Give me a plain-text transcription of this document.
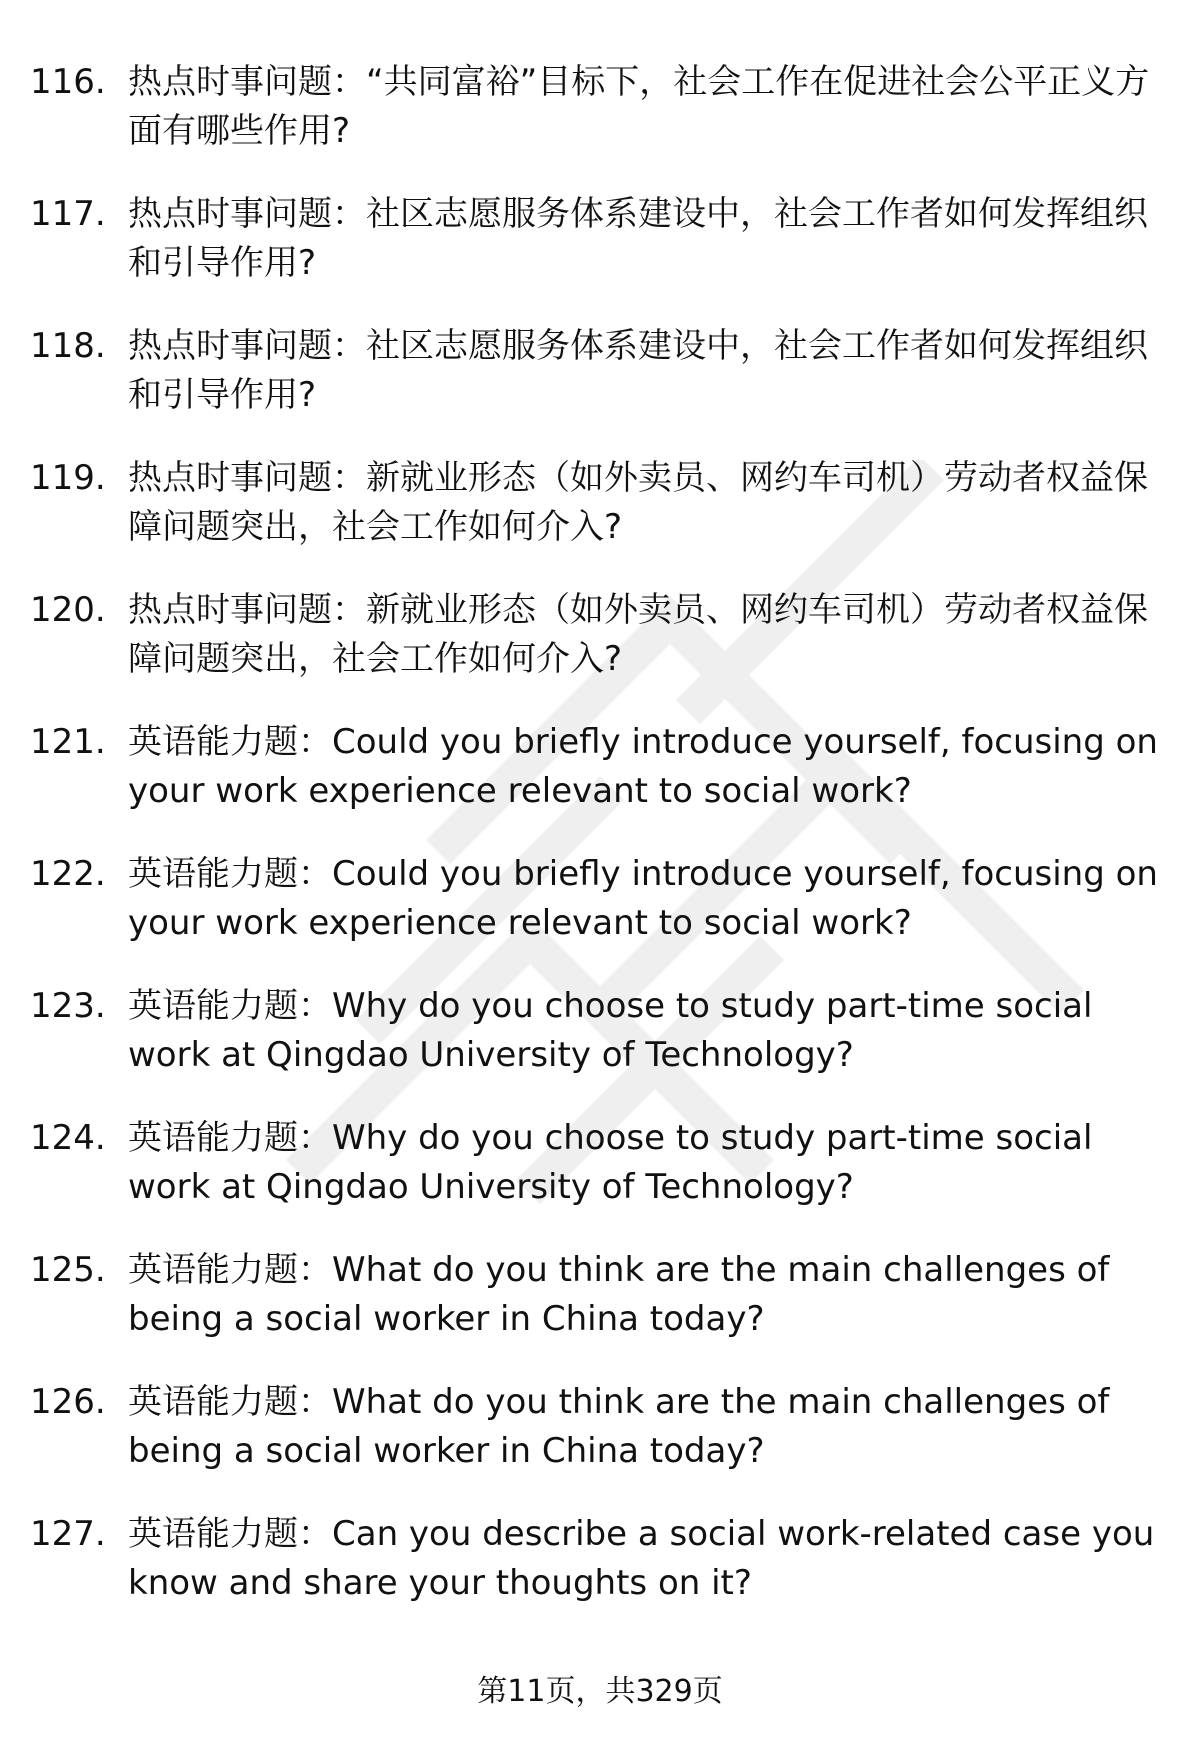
116. 热点时事问题：“共同富裕”目标下，社会工作在促进社会公平正义方面有哪些作用?
117. 热点时事问题：社区志愿服务体系建设中，社会工作者如何发挥组织和引导作用?
118. 热点时事问题：社区志愿服务体系建设中，社会工作者如何发挥组织和引导作用?
119. 热点时事问题：新就业形态（如外卖员、网约车司机）劳动者权益保障问题突出，社会工作如何介入?
120. 热点时事问题：新就业形态（如外卖员、网约车司机）劳动者权益保障问题突出，社会工作如何介入?
121. 英语能力题：Could you briefly introduce yourself, focusing on your work experience relevant to social work?
122. 英语能力题：Could you briefly introduce yourself, focusing on your work experience relevant to social work?
123. 英语能力题：Why do you choose to study part-time social work at Qingdao University of Technology?
124. 英语能力题：Why do you choose to study part-time social work at Qingdao University of Technology?
125. 英语能力题：What do you think are the main challenges of being a social worker in China today?
126. 英语能力题：What do you think are the main challenges of being a social worker in China today?
127. 英语能力题：Can you describe a social work-related case you know and share your thoughts on it?
第11页，共329页
